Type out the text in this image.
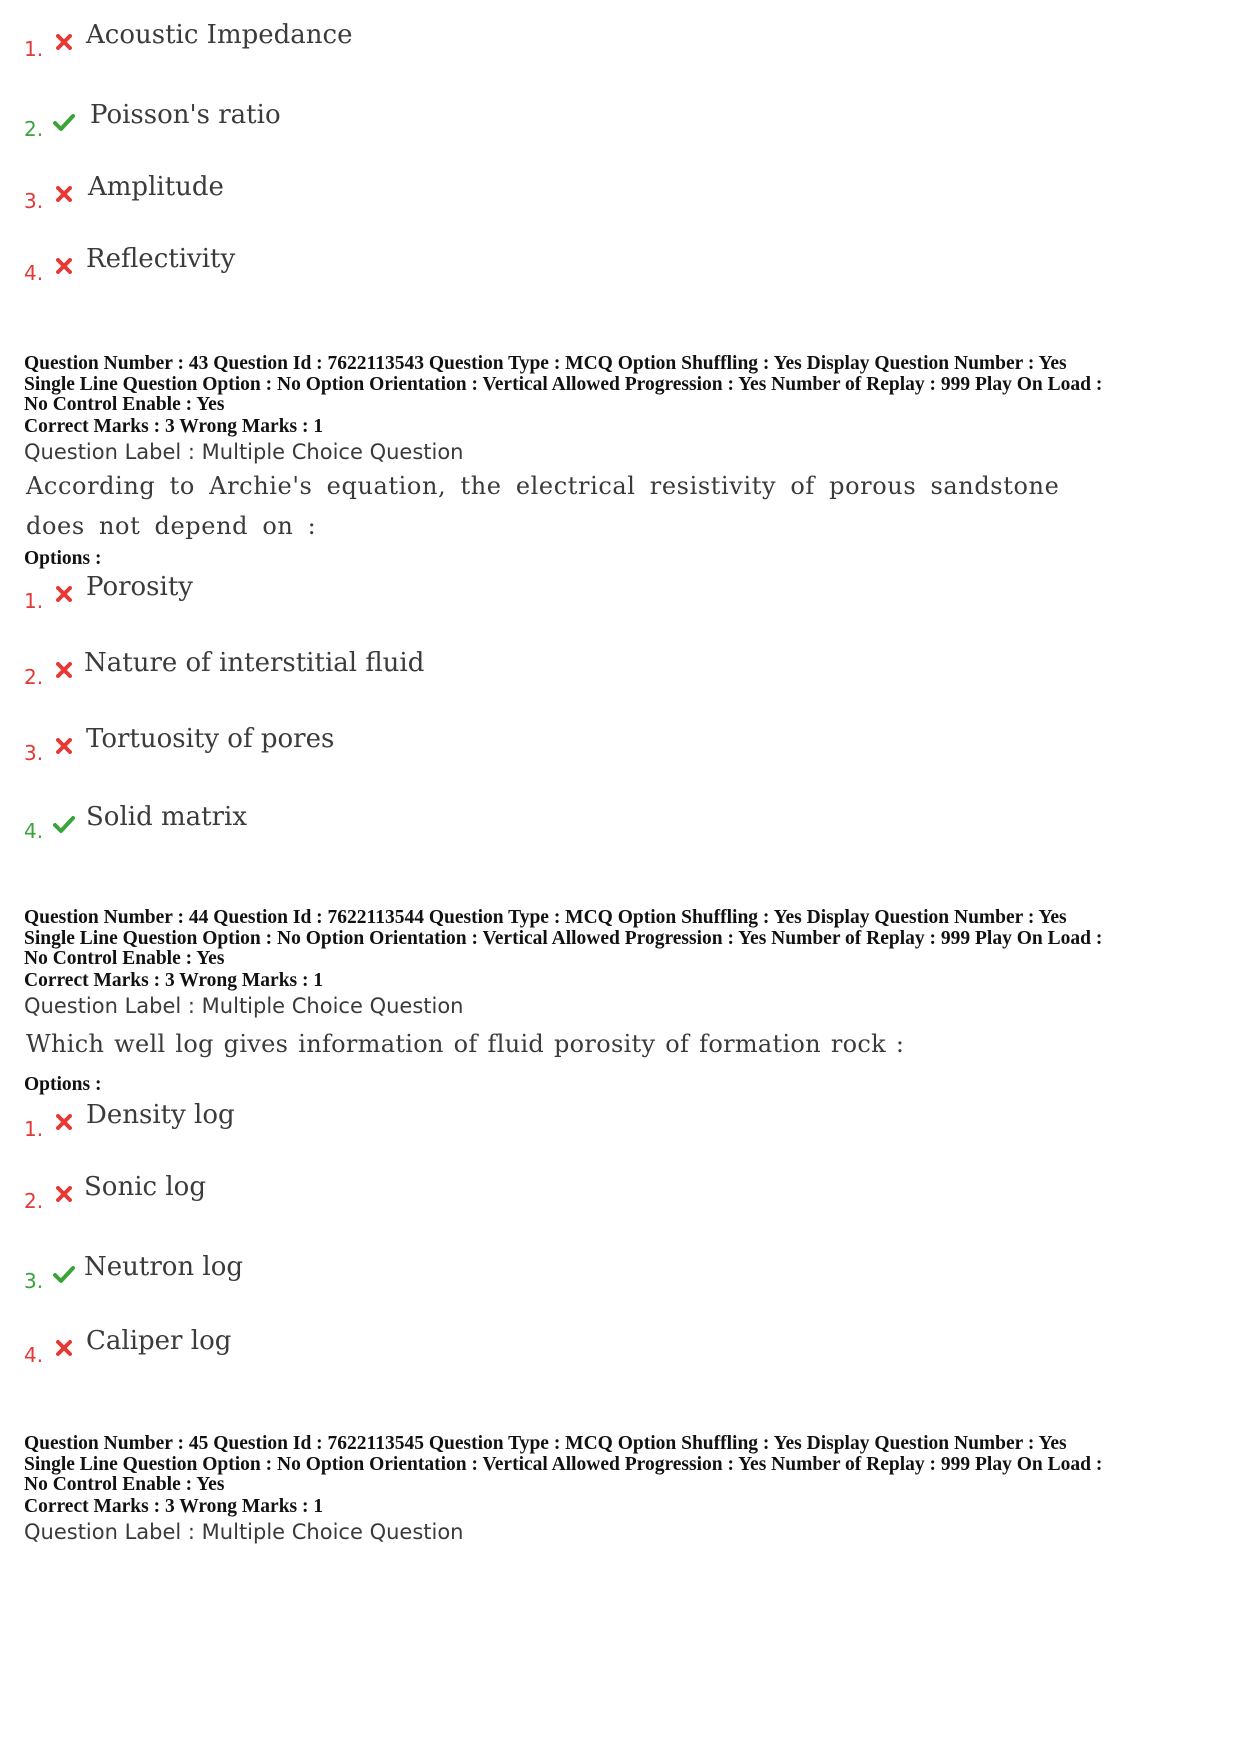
1. Acoustic Impedance
2. Poisson's ratio
3. Amplitude
4. Reflectivity
Question Number : 43 Question Id : 7622113543 Question Type : MCQ Option Shuffling : Yes Display Question Number : Yes
Single Line Question Option : No Option Orientation : Vertical Allowed Progression : Yes Number of Replay : 999 Play On Load :
No Control Enable : Yes
Correct Marks : 3 Wrong Marks : 1
Question Label : Multiple Choice Question
According to Archie's equation, the electrical resistivity of porous sandstone
does not depend on :
Options :
1. Porosity
2. Nature of interstitial fluid
3. Tortuosity of pores
4. Solid matrix
Question Number : 44 Question Id : 7622113544 Question Type : MCQ Option Shuffling : Yes Display Question Number : Yes
Single Line Question Option : No Option Orientation : Vertical Allowed Progression : Yes Number of Replay : 999 Play On Load :
No Control Enable : Yes
Correct Marks : 3 Wrong Marks : 1
Question Label : Multiple Choice Question
Which well log gives information of fluid porosity of formation rock :
Options :
1. Density log
2. Sonic log
3. Neutron log
4. Caliper log
Question Number : 45 Question Id : 7622113545 Question Type : MCQ Option Shuffling : Yes Display Question Number : Yes
Single Line Question Option : No Option Orientation : Vertical Allowed Progression : Yes Number of Replay : 999 Play On Load :
No Control Enable : Yes
Correct Marks : 3 Wrong Marks : 1
Question Label : Multiple Choice Question
